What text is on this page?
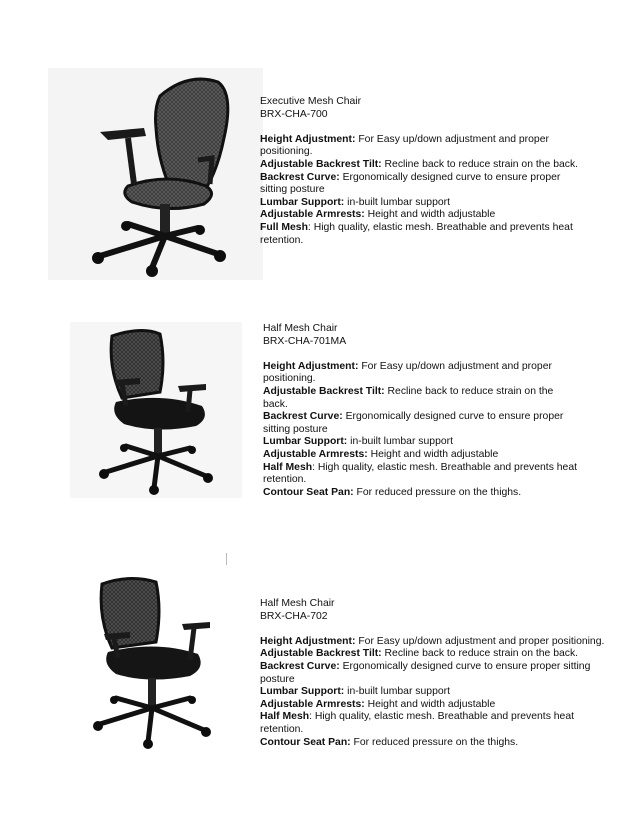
Executive Mesh Chair

BRX-CHA-700

Height Adjustment: For Easy up/down adjustment and proper positioning.

Adjustable Backrest Tilt: Recline back to reduce strain on the back.

Backrest Curve: Ergonomically designed curve to ensure proper sitting posture

Lumbar Support: in-built lumbar support

Adjustable Armrests: Height and width adjustable

Full Mesh: High quality, elastic mesh. Breathable and prevents heat retention.

Half Mesh Chair

BRX-CHA-701MA

Height Adjustment: For Easy up/down adjustment and proper positioning.

Adjustable Backrest Tilt: Recline back to reduce strain on the back.

Backrest Curve: Ergonomically designed curve to ensure proper sitting posture

Lumbar Support: in-built lumbar support

Adjustable Armrests: Height and width adjustable

Half Mesh: High quality, elastic mesh. Breathable and prevents heat retention.

Contour Seat Pan: For reduced pressure on the thighs.

Half Mesh Chair

BRX-CHA-702

Height Adjustment: For Easy up/down adjustment and proper positioning.

Adjustable Backrest Tilt: Recline back to reduce strain on the back.

Backrest Curve: Ergonomically designed curve to ensure proper sitting posture

Lumbar Support: in-built lumbar support

Adjustable Armrests: Height and width adjustable

Half Mesh: High quality, elastic mesh. Breathable and prevents heat retention.

Contour Seat Pan: For reduced pressure on the thighs.
